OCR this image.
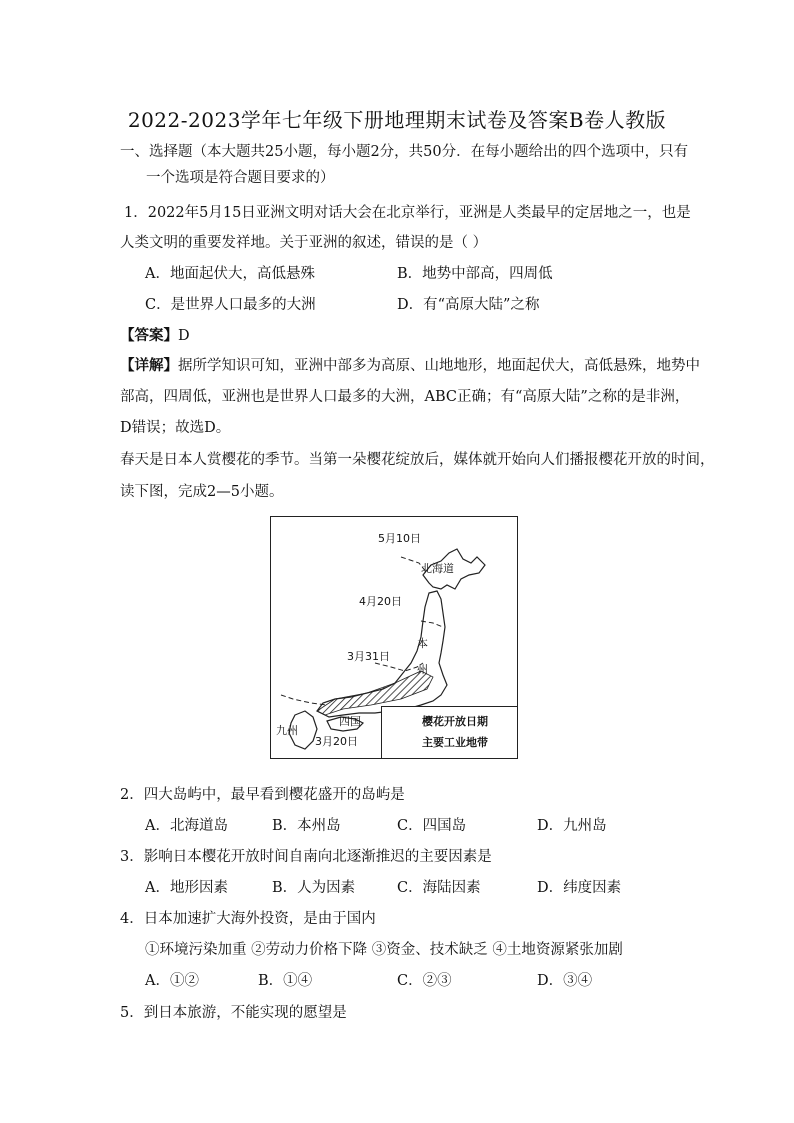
2022-2023学年七年级下册地理期末试卷及答案B卷人教版
一、选择题（本大题共25小题，每小题2分，共50分．在每小题给出的四个选项中，只有
一个选项是符合题目要求的）
1．2022年5月15日亚洲文明对话大会在北京举行，亚洲是人类最早的定居地之一，也是
人类文明的重要发祥地。关于亚洲的叙述，错误的是（ ）
A．地面起伏大，高低悬殊	B．地势中部高，四周低
C．是世界人口最多的大洲	D．有“高原大陆”之称
【答案】D
【详解】据所学知识可知，亚洲中部多为高原、山地地形，地面起伏大，高低悬殊，地势中
部高，四周低，亚洲也是世界人口最多的大洲，ABC正确；有“高原大陆”之称的是非洲，
D错误；故选D。
春天是日本人赏樱花的季节。当第一朵樱花绽放后，媒体就开始向人们播报樱花开放的时间，
读下图，完成2—5小题。
5月10日
北海道
4月20日
本
3月31日
州
四国
九州
3月20日
樱花开放日期
主要工业地带
2．四大岛屿中，最早看到樱花盛开的岛屿是
A．北海道岛	B．本州岛	C．四国岛	D．九州岛
3．影响日本樱花开放时间自南向北逐渐推迟的主要因素是
A．地形因素	B．人为因素	C．海陆因素	D．纬度因素
4．日本加速扩大海外投资，是由于国内
①环境污染加重 ②劳动力价格下降 ③资金、技术缺乏 ④土地资源紧张加剧
A．①②	B．①④	C．②③	D．③④
5．到日本旅游，不能实现的愿望是
